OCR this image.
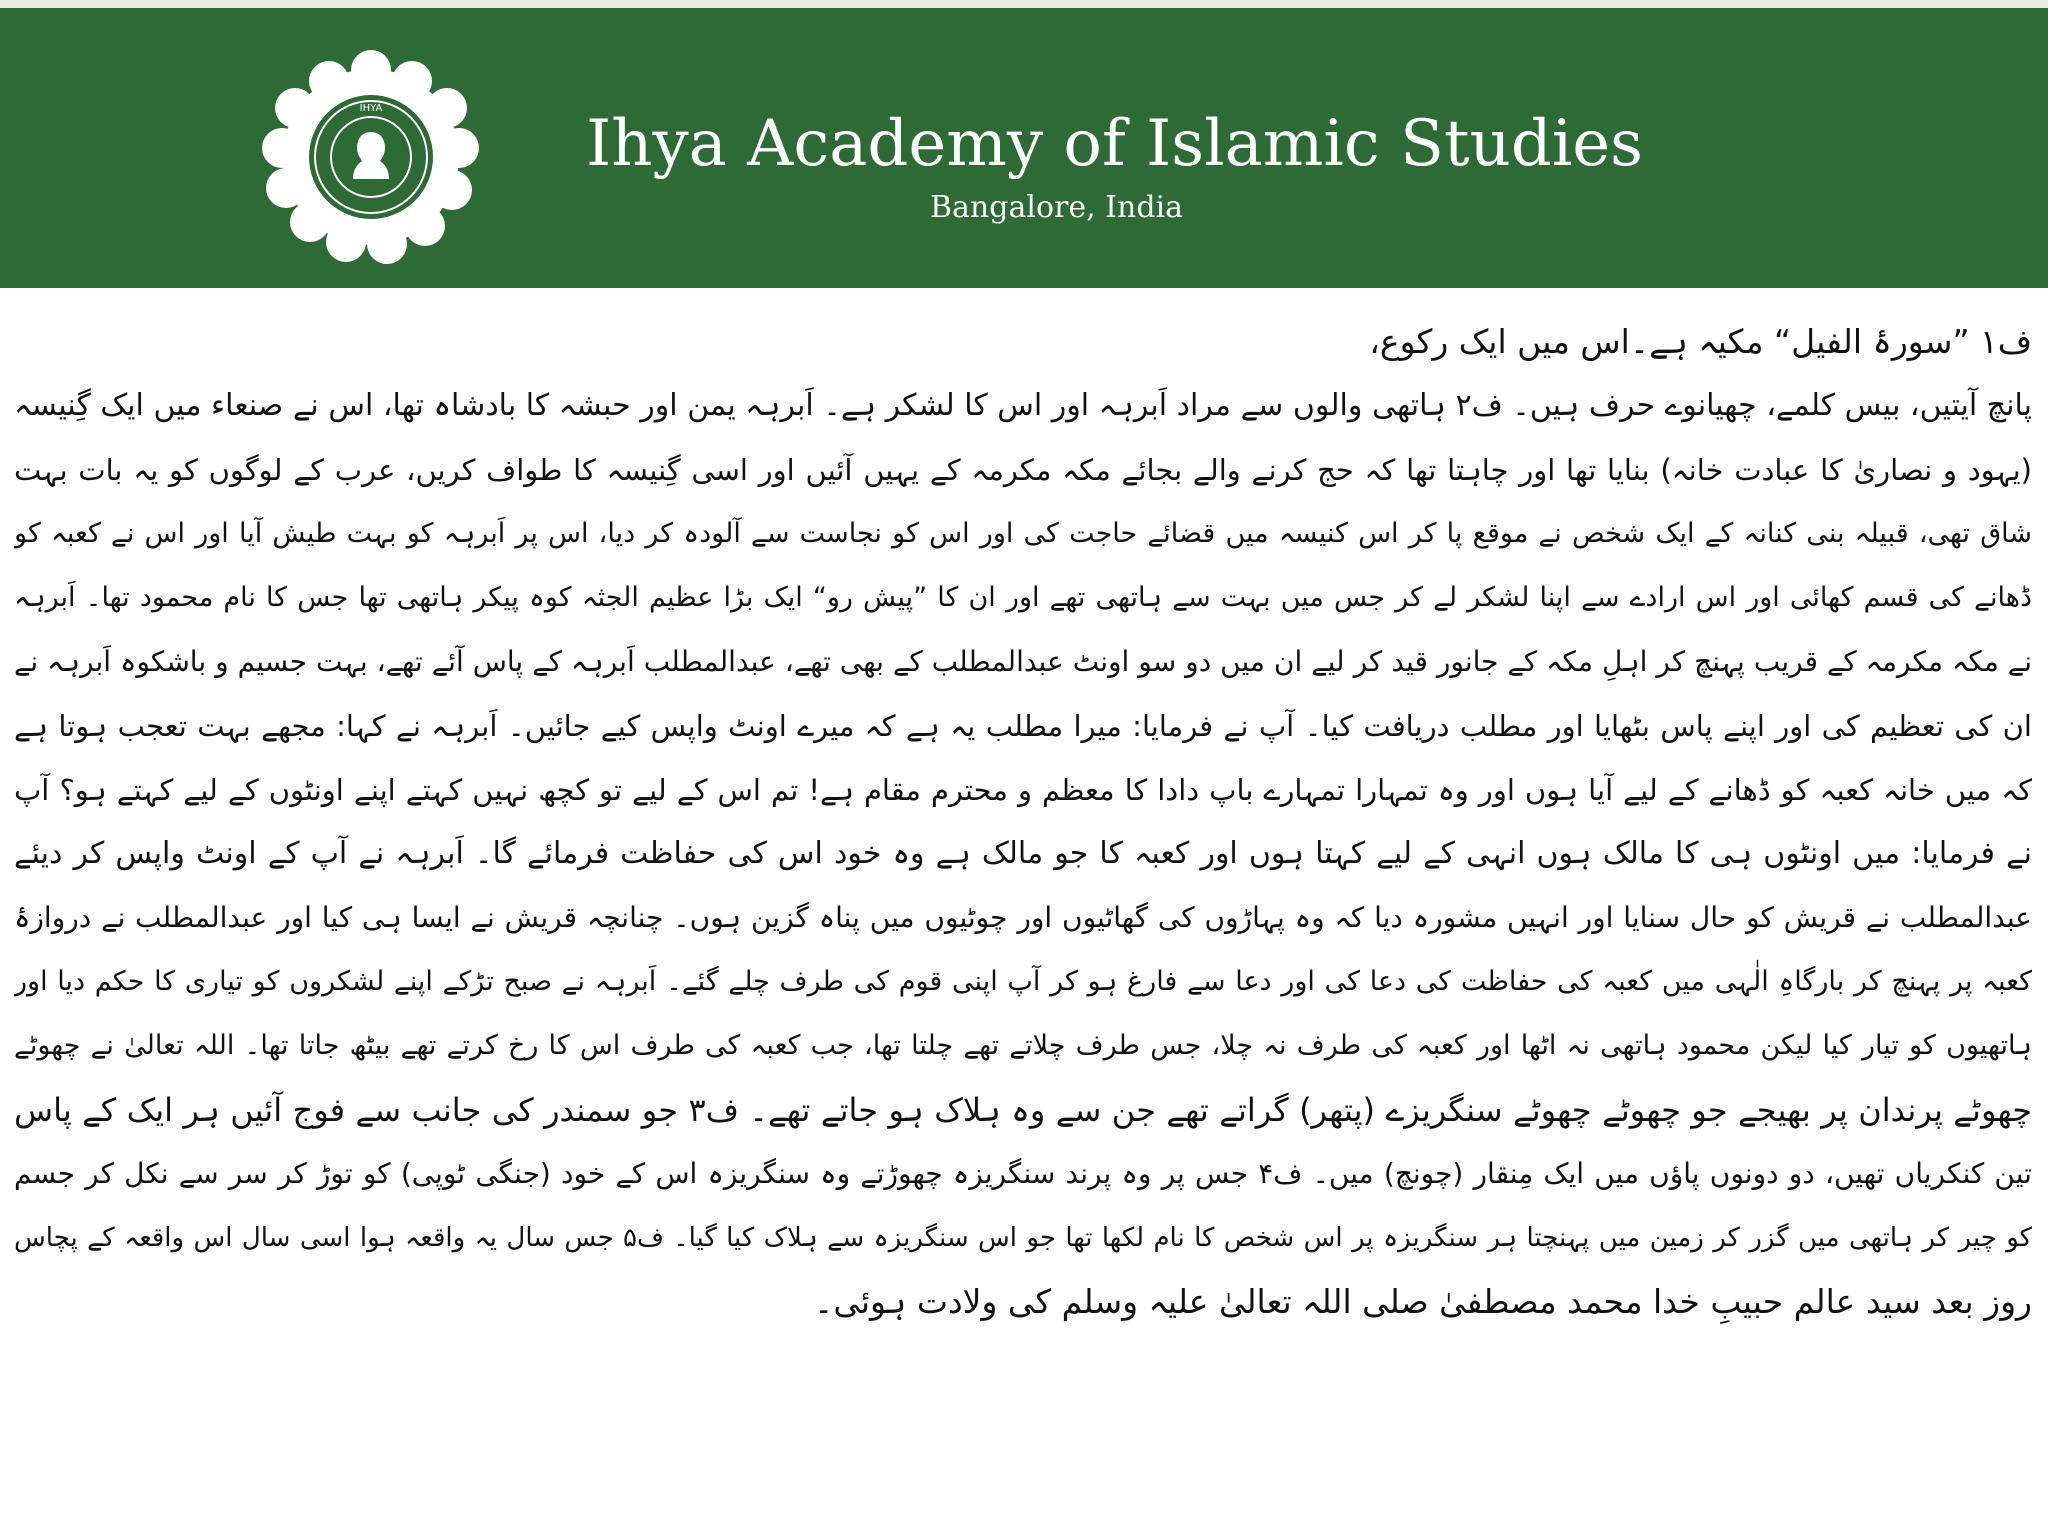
IHYA	Ihya Academy of Islamic Studies
Bangalore, India
ف۱ ”سورۂ الفیل“ مکیہ ہے۔اس میں ایک رکوع،
پانچ آیتیں، بیس کلمے، چھیانوے حرف ہیں۔ ف۲ ہاتھی والوں سے مراد اَبرہہ اور اس کا لشکر ہے۔ اَبرہہ یمن اور حبشہ کا بادشاہ تھا، اس نے صنعاء میں ایک گِنیسہ
(یہود و نصاریٰ کا عبادت خانہ) بنایا تھا اور چاہتا تھا کہ حج کرنے والے بجائے مکہ مکرمہ کے یہیں آئیں اور اسی گِنیسہ کا طواف کریں، عرب کے لوگوں کو یہ بات بہت
شاق تھی، قبیلہ بنی کنانہ کے ایک شخص نے موقع پا کر اس کنیسہ میں قضائے حاجت کی اور اس کو نجاست سے آلودہ کر دیا، اس پر اَبرہہ کو بہت طیش آیا اور اس نے کعبہ کو
ڈھانے کی قسم کھائی اور اس ارادے سے اپنا لشکر لے کر جس میں بہت سے ہاتھی تھے اور ان کا ”پیش رو“ ایک بڑا عظیم الجثہ کوہ پیکر ہاتھی تھا جس کا نام محمود تھا۔ اَبرہہ
نے مکہ مکرمہ کے قریب پہنچ کر اہلِ مکہ کے جانور قید کر لیے ان میں دو سو اونٹ عبدالمطلب کے بھی تھے، عبدالمطلب اَبرہہ کے پاس آئے تھے، بہت جسیم و باشکوہ اَبرہہ نے
ان کی تعظیم کی اور اپنے پاس بٹھایا اور مطلب دریافت کیا۔ آپ نے فرمایا: میرا مطلب یہ ہے کہ میرے اونٹ واپس کیے جائیں۔ اَبرہہ نے کہا: مجھے بہت تعجب ہوتا ہے
کہ میں خانہ کعبہ کو ڈھانے کے لیے آیا ہوں اور وہ تمہارا تمہارے باپ دادا کا معظم و محترم مقام ہے! تم اس کے لیے تو کچھ نہیں کہتے اپنے اونٹوں کے لیے کہتے ہو؟ آپ
نے فرمایا: میں اونٹوں ہی کا مالک ہوں انہی کے لیے کہتا ہوں اور کعبہ کا جو مالک ہے وہ خود اس کی حفاظت فرمائے گا۔ اَبرہہ نے آپ کے اونٹ واپس کر دیئے
عبدالمطلب نے قریش کو حال سنایا اور انہیں مشورہ دیا کہ وہ پہاڑوں کی گھاٹیوں اور چوٹیوں میں پناہ گزین ہوں۔ چنانچہ قریش نے ایسا ہی کیا اور عبدالمطلب نے دروازۂ
کعبہ پر پہنچ کر بارگاہِ الٰہی میں کعبہ کی حفاظت کی دعا کی اور دعا سے فارغ ہو کر آپ اپنی قوم کی طرف چلے گئے۔ اَبرہہ نے صبح تڑکے اپنے لشکروں کو تیاری کا حکم دیا اور
ہاتھیوں کو تیار کیا لیکن محمود ہاتھی نہ اٹھا اور کعبہ کی طرف نہ چلا، جس طرف چلاتے تھے چلتا تھا، جب کعبہ کی طرف اس کا رخ کرتے تھے بیٹھ جاتا تھا۔ اللہ تعالیٰ نے چھوٹے
چھوٹے پرندان پر بھیجے جو چھوٹے چھوٹے سنگریزے (پتھر) گراتے تھے جن سے وہ ہلاک ہو جاتے تھے۔ ف۳ جو سمندر کی جانب سے فوج آئیں ہر ایک کے پاس
تین کنکریاں تھیں، دو دونوں پاؤں میں ایک مِنقار (چونچ) میں۔ ف۴ جس پر وہ پرند سنگریزہ چھوڑتے وہ سنگریزہ اس کے خود (جنگی ٹوپی) کو توڑ کر سر سے نکل کر جسم
کو چیر کر ہاتھی میں گزر کر زمین میں پہنچتا ہر سنگریزہ پر اس شخص کا نام لکھا تھا جو اس سنگریزہ سے ہلاک کیا گیا۔ ف۵ جس سال یہ واقعہ ہوا اسی سال اس واقعہ کے پچاس
روز بعد سید عالم حبیبِ خدا محمد مصطفیٰ صلی اللہ تعالیٰ علیہ وسلم کی ولادت ہوئی۔
